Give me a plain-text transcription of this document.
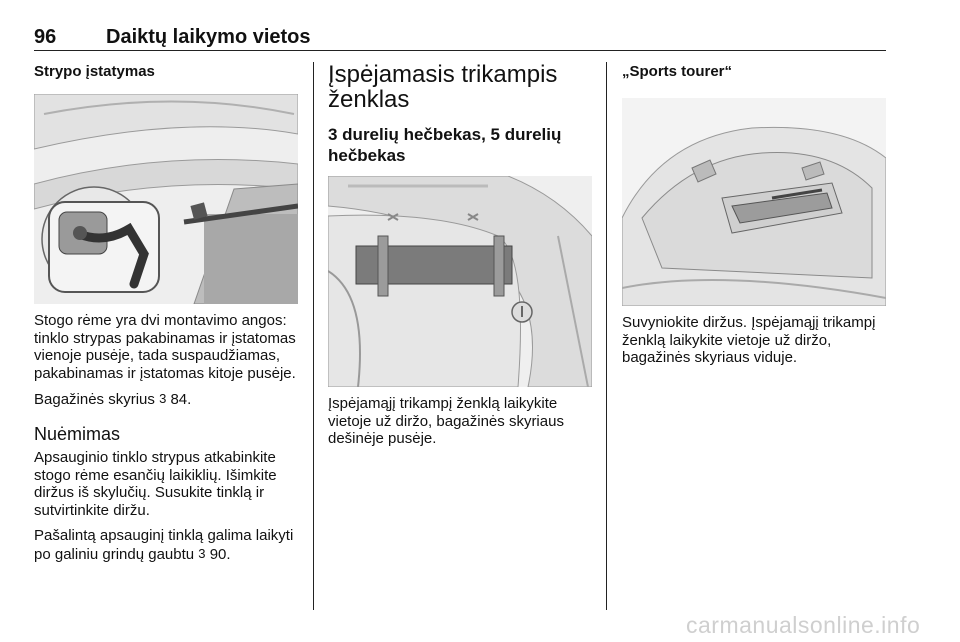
96 Daiktų laikymo vietos
Strypo įstatymas

Stogo rėme yra dvi montavimo angos: tinklo strypas pakabinamas ir įstatomas vienoje pusėje, tada suspaudžiamas, pakabinamas ir įstatomas kitoje pusėje.

Bagažinės skyrius 3 84.

Nuėmimas

Apsauginio tinklo strypus atkabinkite stogo rėme esančių laikiklių. Išimkite diržus iš skylučių. Susukite tinklą ir sutvirtinkite diržu.

Pašalintą apsauginį tinklą galima laikyti po galiniu grindų gaubtu 3 90.

Įspėjamasis trikampis ženklas
3 durelių hečbekas, 5 durelių hečbekas

Įspėjamąjį trikampį ženklą laikykite vietoje už diržo, bagažinės skyriaus dešinėje pusėje.

„Sports tourer“

Suvyniokite diržus. Įspėjamąjį trikampį ženklą laikykite vietoje už diržo, bagažinės skyriaus viduje.

carmanualsonline.info
